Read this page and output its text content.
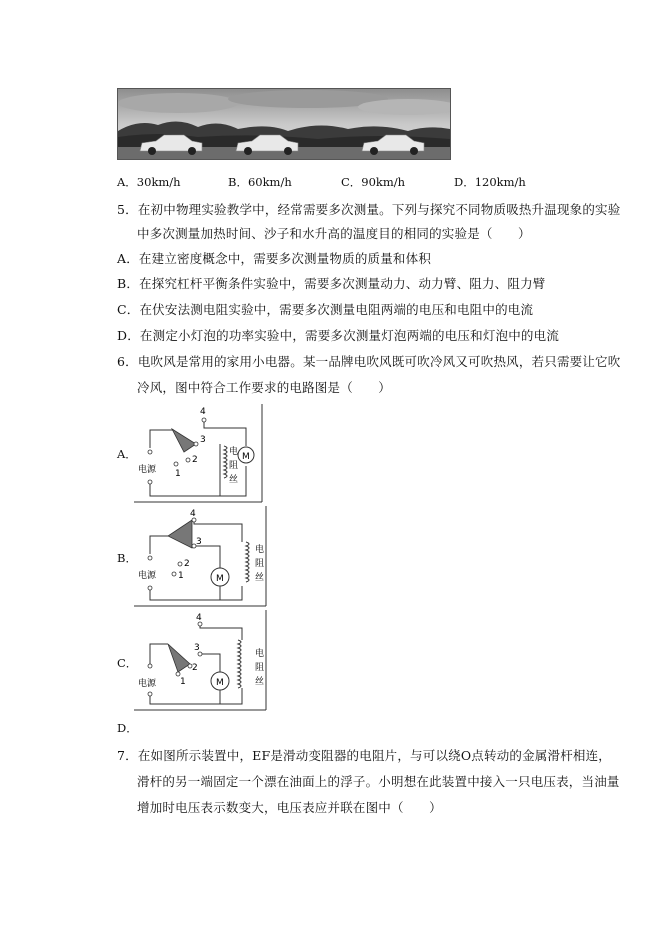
A．30km/h	B．60km/h	C．90km/h	D．120km/h
5．在初中物理实验教学中，经常需要多次测量。下列与探究不同物质吸热升温现象的实验
中多次测量加热时间、沙子和水升高的温度目的相同的实验是（　　）
A．在建立密度概念中，需要多次测量物质的质量和体积
B．在探究杠杆平衡条件实验中，需要多次测量动力、动力臂、阻力、阻力臂
C．在伏安法测电阻实验中，需要多次测量电阻两端的电压和电阻中的电流
D．在测定小灯泡的功率实验中，需要多次测量灯泡两端的电压和灯泡中的电流
6．电吹风是常用的家用小电器。某一品牌电吹风既可吹冷风又可吹热风，若只需要让它吹
冷风，图中符合工作要求的电路图是（　　）
A．
4
3
2
1
电源
M
电
阻
丝
B．
4
3
2
1
电源	M
电
阻
丝
C．
4
3
2
1
电源	M
电
阻
丝
D．
7．在如图所示装置中，EF是滑动变阻器的电阻片，与可以绕O点转动的金属滑杆相连，
滑杆的另一端固定一个漂在油面上的浮子。小明想在此装置中接入一只电压表，当油量
增加时电压表示数变大，电压表应并联在图中（　　）
